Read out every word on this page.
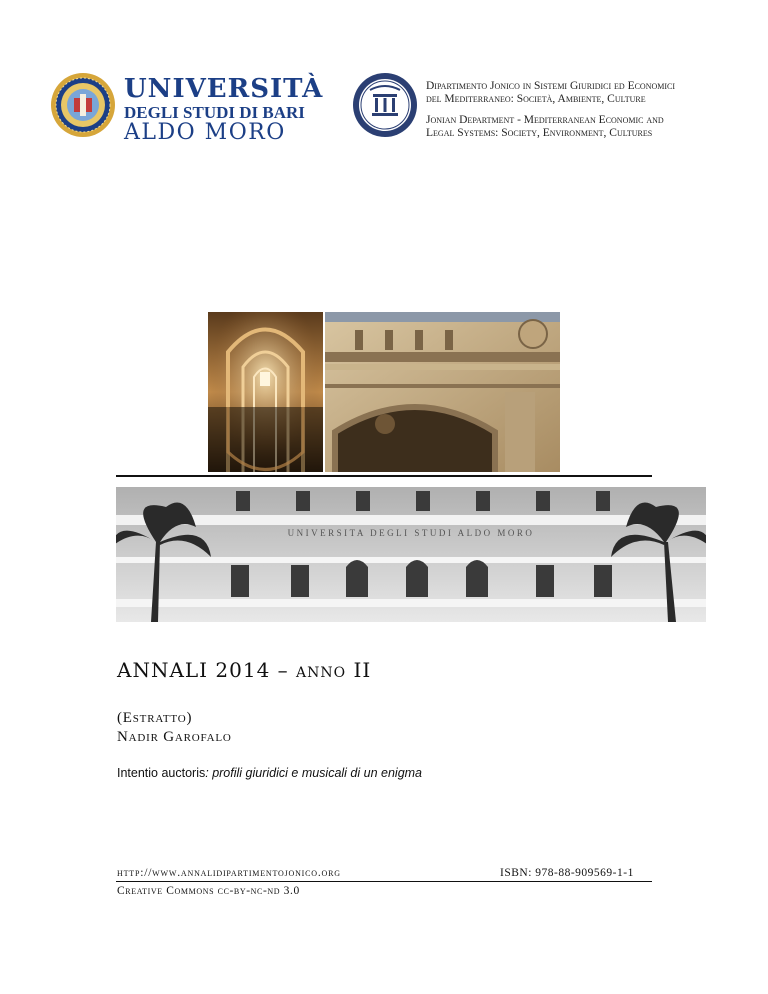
UNIVERSITÀ
DEGLI STUDI DI BARI
ALDO MORO
Dipartimento Jonico in Sistemi Giuridici ed Economici
del Mediterraneo: Società, Ambiente, Culture
Jonian Department - Mediterranean Economic and
Legal Systems: Society, Environment, Cultures
UNIVERSITA DEGLI STUDI ALDO MORO
ANNALI 2014 – anno II
(Estratto)
Nadir Garofalo
Intentio auctoris: profili giuridici e musicali di un enigma
http://www.annalidipartimentojonico.org	ISBN: 978-88-909569-1-1
Creative Commons cc-by-nc-nd 3.0
